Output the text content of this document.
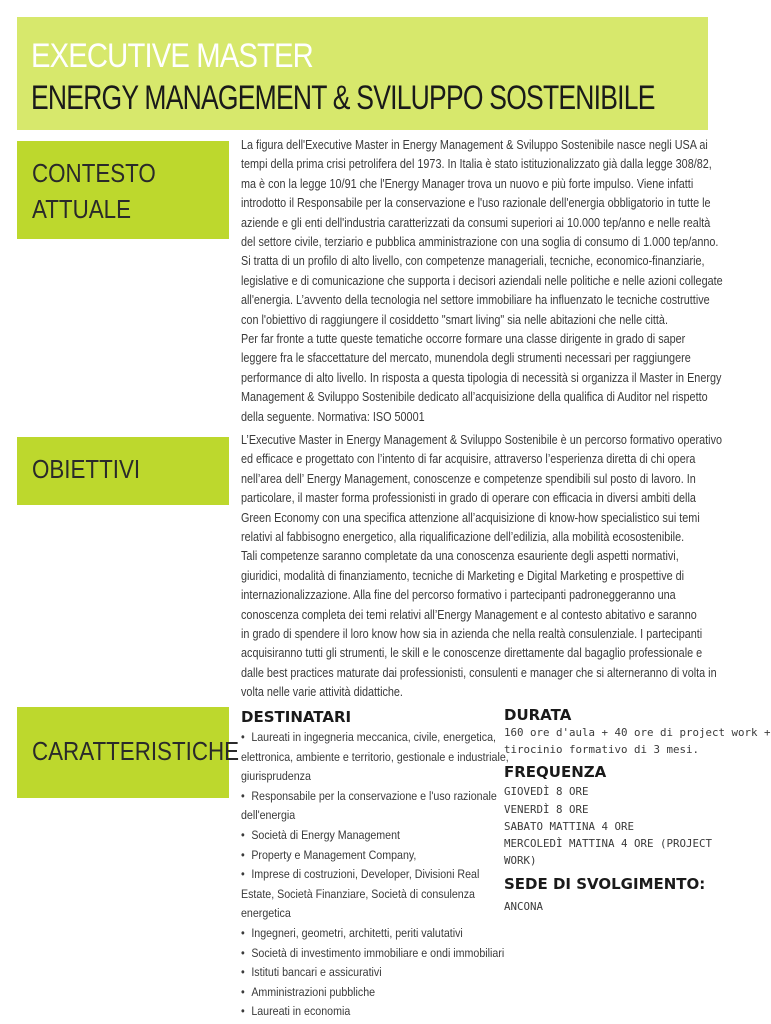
EXECUTIVE MASTER
ENERGY MANAGEMENT & SVILUPPO SOSTENIBILE
CONTESTO
ATTUALE

La figura dell'Executive Master in Energy Management & Sviluppo Sostenibile nasce negli USA ai

tempi della prima crisi petrolifera del 1973. In Italia è stato istituzionalizzato già dalla legge 308/82,

ma è con la legge 10/91 che l'Energy Manager trova un nuovo e più forte impulso. Viene infatti

introdotto il Responsabile per la conservazione e l'uso razionale dell'energia obbligatorio in tutte le

aziende e gli enti dell'industria caratterizzati da consumi superiori ai 10.000 tep/anno e nelle realtà

del settore civile, terziario e pubblica amministrazione con una soglia di consumo di 1.000 tep/anno.

Si tratta di un profilo di alto livello, con competenze manageriali, tecniche, economico-finanziarie,

legislative e di comunicazione che supporta i decisori aziendali nelle politiche e nelle azioni collegate

all'energia. L’avvento della tecnologia nel settore immobiliare ha influenzato le tecniche costruttive

con l'obiettivo di raggiungere il cosiddetto "smart living" sia nelle abitazioni che nelle città.

Per far fronte a tutte queste tematiche occorre formare una classe dirigente in grado di saper

leggere fra le sfaccettature del mercato, munendola degli strumenti necessari per raggiungere

performance di alto livello. In risposta a questa tipologia di necessità si organizza il Master in Energy

Management & Sviluppo Sostenibile dedicato all’acquisizione della qualifica di Auditor nel rispetto

della seguente. Normativa: ISO 50001

OBIETTIVI

L’Executive Master in Energy Management & Sviluppo Sostenibile è un percorso formativo operativo

ed efficace e progettato con l’intento di far acquisire, attraverso l’esperienza diretta di chi opera

nell’area dell’ Energy Management, conoscenze e competenze spendibili sul posto di lavoro. In

particolare, il master forma professionisti in grado di operare con efficacia in diversi ambiti della

Green Economy con una specifica attenzione all’acquisizione di know-how specialistico sui temi

relativi al fabbisogno energetico, alla riqualificazione dell’edilizia, alla mobilità ecosostenibile.

Tali competenze saranno completate da una conoscenza esauriente degli aspetti normativi,

giuridici, modalità di finanziamento, tecniche di Marketing e Digital Marketing e prospettive di

internazionalizzazione. Alla fine del percorso formativo i partecipanti padroneggeranno una

conoscenza completa dei temi relativi all’Energy Management e al contesto abitativo e saranno

in grado di spendere il loro know how sia in azienda che nella realtà consulenziale. I partecipanti

acquisiranno tutti gli strumenti, le skill e le conoscenze direttamente dal bagaglio professionale e

dalle best practices maturate dai professionisti, consulenti e manager che si alterneranno di volta in

volta nelle varie attività didattiche.

CARATTERISTICHE
DESTINATARI
• Laureati in ingegneria meccanica, civile, energetica,
elettronica, ambiente e territorio, gestionale e industriale,
giurisprudenza
• Responsabile per la conservazione e l'uso razionale
dell'energia
• Società di Energy Management
• Property e Management Company,
• Imprese di costruzioni, Developer, Divisioni Real
Estate, Società Finanziare, Società di consulenza
energetica
• Ingegneri, geometri, architetti, periti valutativi
• Società di investimento immobiliare e ondi immobiliari
• Istituti bancari e assicurativi
• Amministrazioni pubbliche
• Laureati in economia
DURATA
160 ore d'aula + 40 ore di project work +
tirocinio formativo di 3 mesi.
FREQUENZA
GIOVEDÌ 8 ORE
VENERDÌ 8 ORE
SABATO MATTINA 4 ORE
MERCOLEDÌ MATTINA 4 ORE (PROJECT
WORK)
SEDE DI SVOLGIMENTO:
ANCONA
